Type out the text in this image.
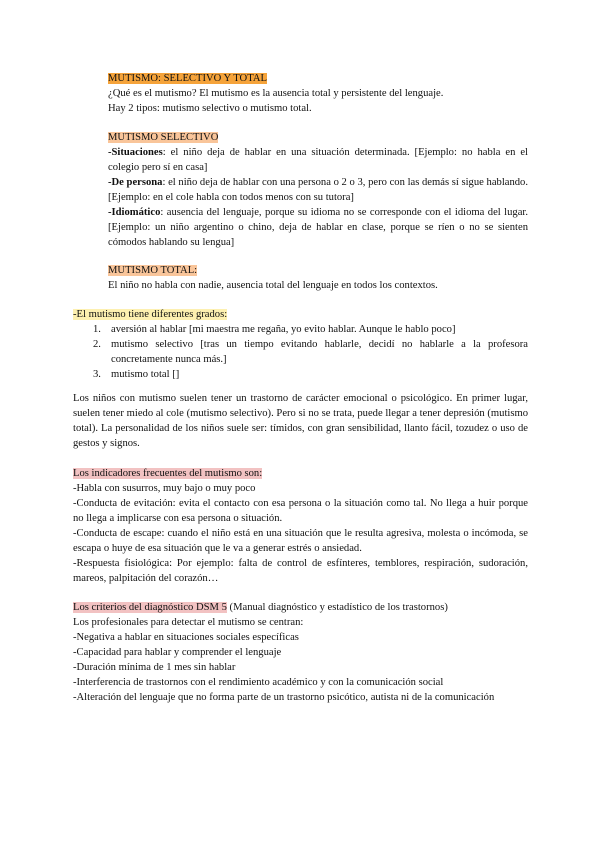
MUTISMO: SELECTIVO Y TOTAL

¿Qué es el mutismo? El mutismo es la ausencia total y persistente del lenguaje.

Hay 2 tipos: mutismo selectivo o mutismo total.

MUTISMO SELECTIVO

-Situaciones: el niño deja de hablar en una situación determinada. [Ejemplo: no habla en el colegio pero sí en casa]

-De persona: el niño deja de hablar con una persona o 2 o 3, pero con las demás sí sigue hablando.[Ejemplo: en el cole habla con todos menos con su tutora]

-Idiomático: ausencia del lenguaje, porque su idioma no se corresponde con el idioma del lugar. [Ejemplo: un niño argentino o chino, deja de hablar en clase, porque se ríen o no se sienten cómodos hablando su lengua]

MUTISMO TOTAL:

El niño no habla con nadie, ausencia total del lenguaje en todos los contextos.

-El mutismo tiene diferentes grados:

1. aversión al hablar [mi maestra me regaña, yo evito hablar. Aunque le hablo poco]
2. mutismo selectivo [tras un tiempo evitando hablarle, decidí no hablarle a la profesora concretamente nunca más.]
3. mutismo total []

Los niños con mutismo suelen tener un trastorno de carácter emocional o psicológico. En primer lugar, suelen tener miedo al cole (mutismo selectivo). Pero si no se trata, puede llegar a tener depresión (mutismo total). La personalidad de los niños suele ser: tímidos, con gran sensibilidad, llanto fácil, tozudez o uso de gestos y signos.

Los indicadores frecuentes del mutismo son:

-Habla con susurros, muy bajo o muy poco

-Conducta de evitación: evita el contacto con esa persona o la situación como tal. No llega a huir porque no llega a implicarse con esa persona o situación.

-Conducta de escape: cuando el niño está en una situación que le resulta agresiva, molesta o incómoda, se escapa o huye de esa situación que le va a generar estrés o ansiedad.

-Respuesta fisiológica: Por ejemplo: falta de control de esfínteres, temblores, respiración, sudoración, mareos, palpitación del corazón…

Los criterios del diagnóstico DSM 5 (Manual diagnóstico y estadístico de los trastornos)

Los profesionales para detectar el mutismo se centran:

-Negativa a hablar en situaciones sociales específicas

-Capacidad para hablar y comprender el lenguaje

-Duración mínima de 1 mes sin hablar

-Interferencia de trastornos con el rendimiento académico y con la comunicación social

-Alteración del lenguaje que no forma parte de un trastorno psicótico, autista ni de la comunicación
